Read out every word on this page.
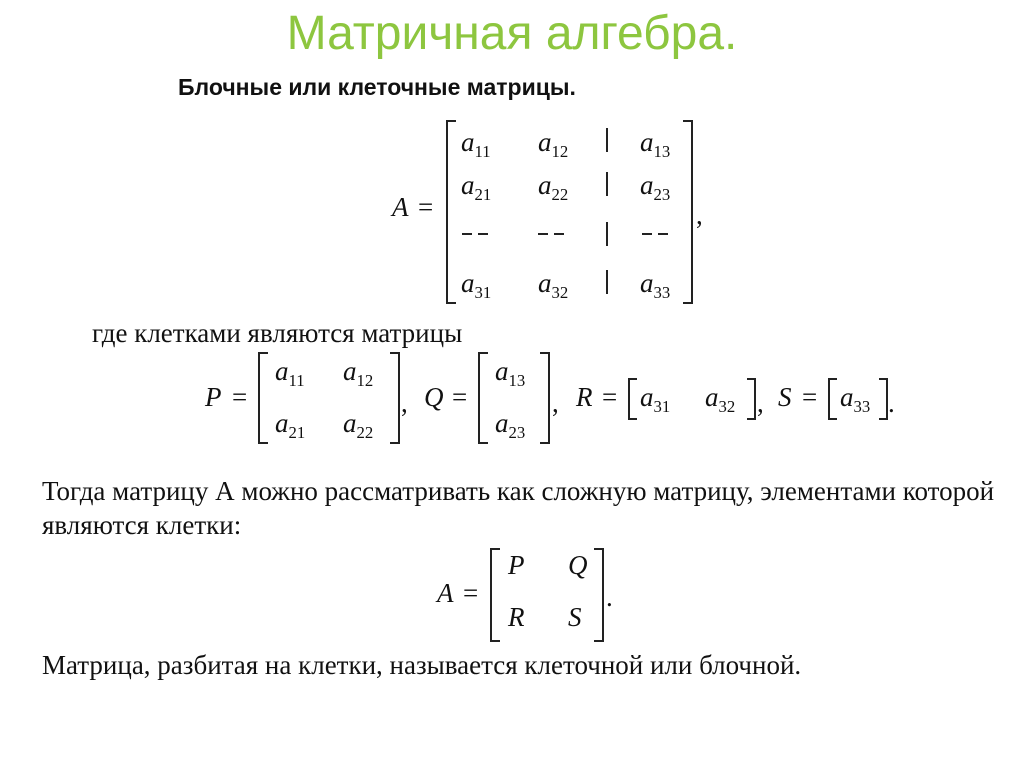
Матричная алгебра.
Блочные или клеточные матрицы.
A =
$a_{11}$ $a_{12}$	$a_{13}$
$a_{21}$ $a_{22}$	$a_{23}$
$a_{31}$ $a_{32}$	$a_{33}$
,
где клетками являются матрицы
P =
$a_{11}$ $a_{12}$
$a_{21}$ $a_{22}$
, Q =
$a_{13}$
$a_{23}$
, $R = a_{31}$ $a_{32}$ , $S = a_{33}$ .
Тогда матрицу А можно рассматривать как сложную матрицу, элементами которой являются клетки:
A =
P Q
R S
.
Матрица, разбитая на клетки, называется клеточной или блочной.
